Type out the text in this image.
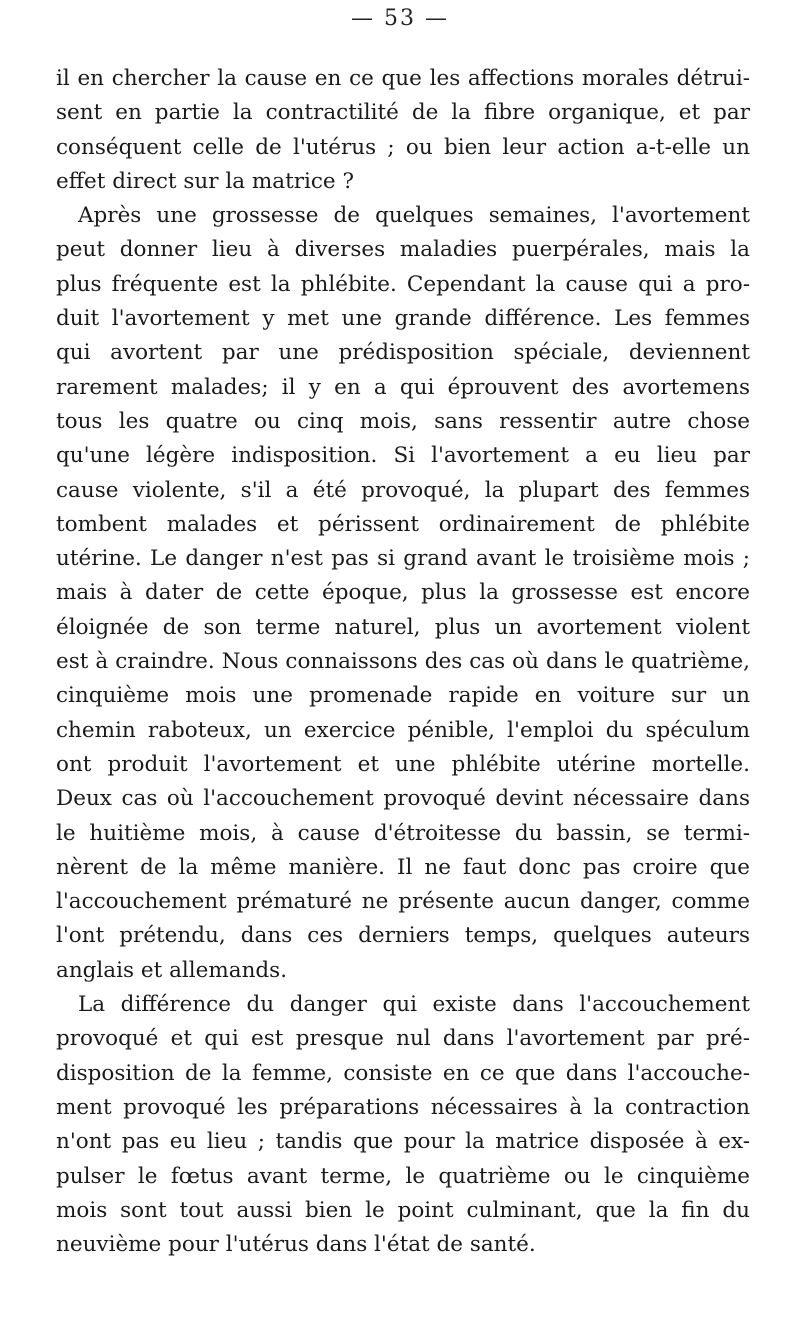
— 53 —
il en chercher la cause en ce que les affections morales détrui-
sent en partie la contractilité de la fibre organique, et par
conséquent celle de l'utérus ; ou bien leur action a-t-elle un
effet direct sur la matrice ?
Après une grossesse de quelques semaines, l'avortement
peut donner lieu à diverses maladies puerpérales, mais la
plus fréquente est la phlébite. Cependant la cause qui a pro-
duit l'avortement y met une grande différence. Les femmes
qui avortent par une prédisposition spéciale, deviennent
rarement malades; il y en a qui éprouvent des avortemens
tous les quatre ou cinq mois, sans ressentir autre chose
qu'une légère indisposition. Si l'avortement a eu lieu par
cause violente, s'il a été provoqué, la plupart des femmes
tombent malades et périssent ordinairement de phlébite
utérine. Le danger n'est pas si grand avant le troisième mois ;
mais à dater de cette époque, plus la grossesse est encore
éloignée de son terme naturel, plus un avortement violent
est à craindre. Nous connaissons des cas où dans le quatrième,
cinquième mois une promenade rapide en voiture sur un
chemin raboteux, un exercice pénible, l'emploi du spéculum
ont produit l'avortement et une phlébite utérine mortelle.
Deux cas où l'accouchement provoqué devint nécessaire dans
le huitième mois, à cause d'étroitesse du bassin, se termi-
nèrent de la même manière. Il ne faut donc pas croire que
l'accouchement prématuré ne présente aucun danger, comme
l'ont prétendu, dans ces derniers temps, quelques auteurs
anglais et allemands.
La différence du danger qui existe dans l'accouchement
provoqué et qui est presque nul dans l'avortement par pré-
disposition de la femme, consiste en ce que dans l'accouche-
ment provoqué les préparations nécessaires à la contraction
n'ont pas eu lieu ; tandis que pour la matrice disposée à ex-
pulser le fœtus avant terme, le quatrième ou le cinquième
mois sont tout aussi bien le point culminant, que la fin du
neuvième pour l'utérus dans l'état de santé.
